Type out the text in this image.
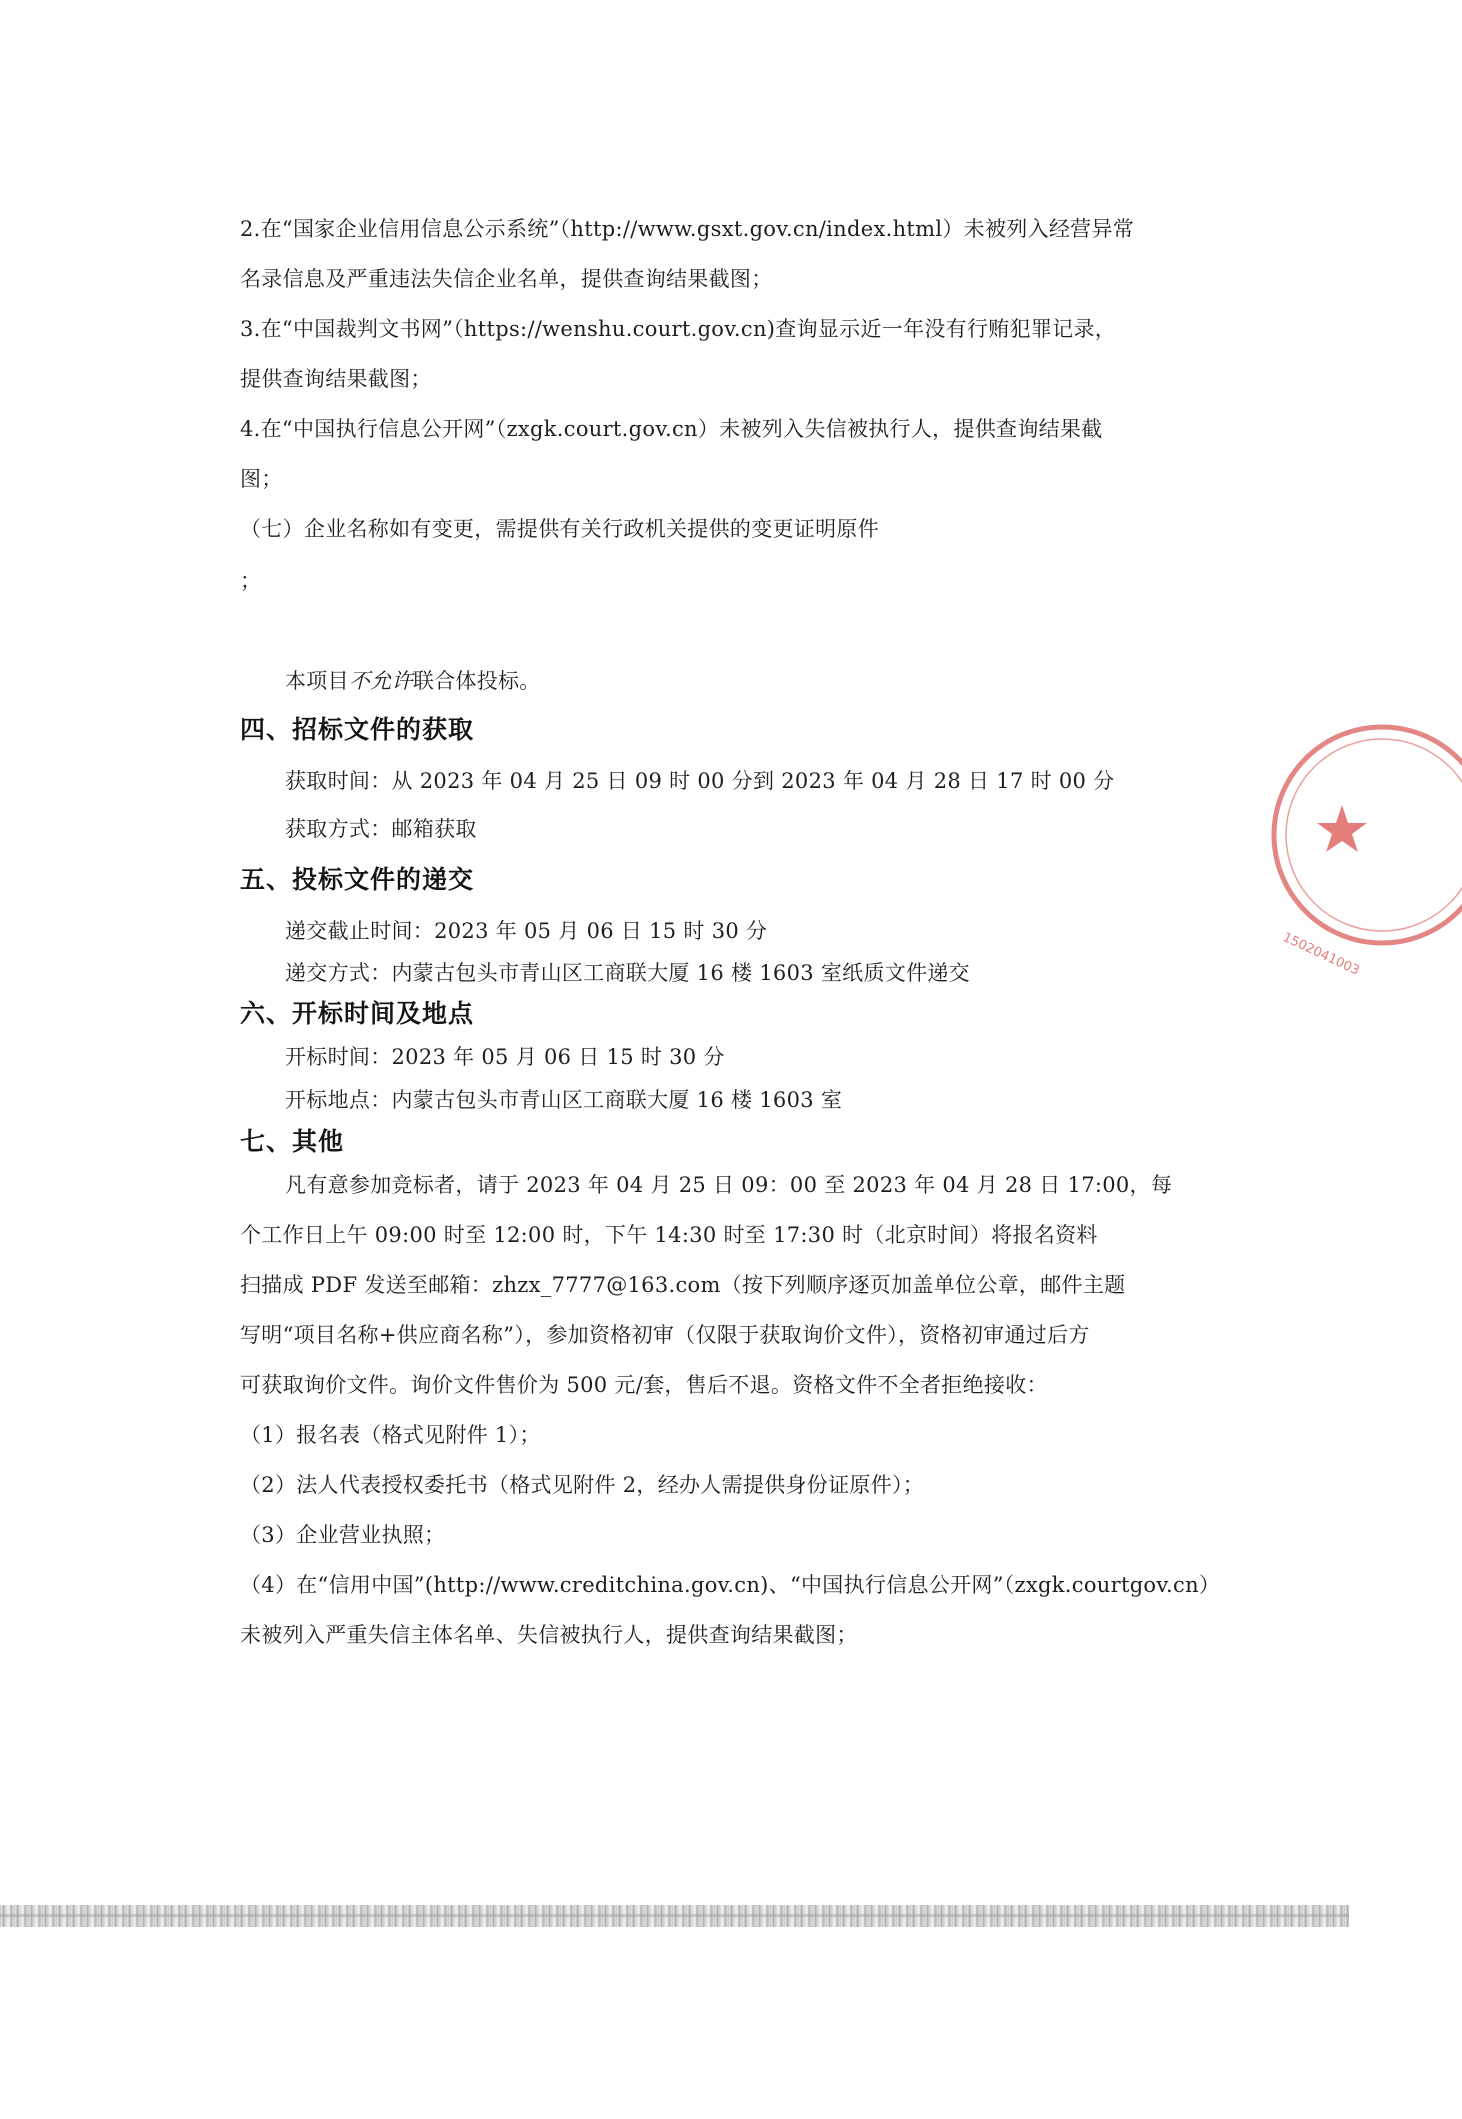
2.在“国家企业信用信息公示系统”（http://www.gsxt.gov.cn/index.html）未被列入经营异常
名录信息及严重违法失信企业名单，提供查询结果截图；
3.在“中国裁判文书网”（https://wenshu.court.gov.cn)查询显示近一年没有行贿犯罪记录，
提供查询结果截图；
4.在“中国执行信息公开网”（zxgk.court.gov.cn）未被列入失信被执行人，提供查询结果截
图；
（七）企业名称如有变更，需提供有关行政机关提供的变更证明原件
；
本项目不允许联合体投标。
四、招标文件的获取
获取时间：从 2023 年 04 月 25 日 09 时 00 分到 2023 年 04 月 28 日 17 时 00 分
获取方式：邮箱获取
五、投标文件的递交
递交截止时间：2023 年 05 月 06 日 15 时 30 分
递交方式：内蒙古包头市青山区工商联大厦 16 楼 1603 室纸质文件递交
六、开标时间及地点
开标时间：2023 年 05 月 06 日 15 时 30 分
开标地点：内蒙古包头市青山区工商联大厦 16 楼 1603 室
七、其他
凡有意参加竞标者，请于 2023 年 04 月 25 日 09：00 至 2023 年 04 月 28 日 17:00，每
个工作日上午 09:00 时至 12:00 时，下午 14:30 时至 17:30 时（北京时间）将报名资料
扫描成 PDF 发送至邮箱：zhzx_7777@163.com（按下列顺序逐页加盖单位公章，邮件主题
写明“项目名称+供应商名称”），参加资格初审（仅限于获取询价文件），资格初审通过后方
可获取询价文件。询价文件售价为 500 元/套，售后不退。资格文件不全者拒绝接收：
（1）报名表（格式见附件 1）；
（2）法人代表授权委托书（格式见附件 2，经办人需提供身份证原件）；
（3）企业营业执照；
（4）在“信用中国”(http://www.creditchina.gov.cn)、“中国执行信息公开网”（zxgk.courtgov.cn）
未被列入严重失信主体名单、失信被执行人，提供查询结果截图；
1502041003
